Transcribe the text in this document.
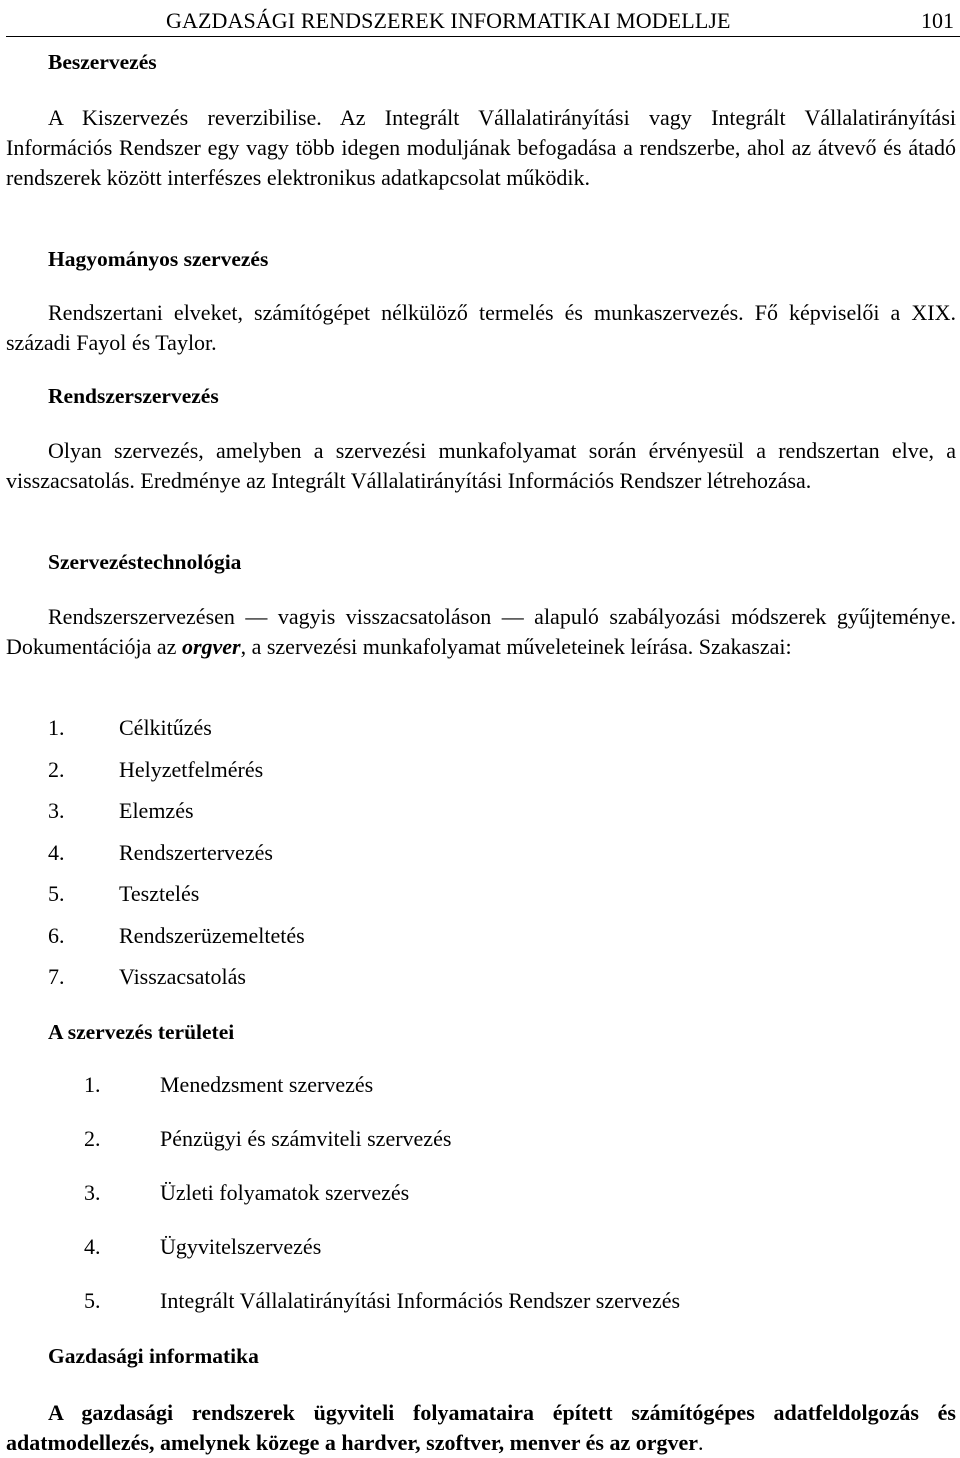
GAZDASÁGI RENDSZEREK INFORMATIKAI MODELLJE	101
Beszervezés
A Kiszervezés reverzibilise. Az Integrált Vállalatirányítási vagy Integrált Vállalatirányítási Információs Rendszer egy vagy több idegen moduljának befogadása a rendszerbe, ahol az átvevő és átadó rendszerek között interfészes elektronikus adatkapcsolat működik.
Hagyományos szervezés
Rendszertani elveket, számítógépet nélkülöző termelés és munkaszervezés. Fő képviselői a XIX. századi Fayol és Taylor.
Rendszerszervezés
Olyan szervezés, amelyben a szervezési munkafolyamat során érvényesül a rendszertan elve, a visszacsatolás. Eredménye az Integrált Vállalatirányítási Információs Rendszer létrehozása.
Szervezéstechnológia
Rendszerszervezésen — vagyis visszacsatoláson — alapuló szabályozási módszerek gyűjteménye. Dokumentációja az orgver, a szervezési munkafolyamat műveleteinek leírása. Szakaszai:
1. Célkitűzés
2. Helyzetfelmérés
3. Elemzés
4. Rendszertervezés
5. Tesztelés
6. Rendszerüzemeltetés
7. Visszacsatolás
A szervezés területei
1.	Menedzsment szervezés
2.	Pénzügyi és számviteli szervezés
3.	Üzleti folyamatok szervezés
4.	Ügyvitelszervezés
5.	Integrált Vállalatirányítási Információs Rendszer szervezés
Gazdasági informatika
A gazdasági rendszerek ügyviteli folyamataira épített számítógépes adatfeldolgozás és adatmodellezés, amelynek közege a hardver, szoftver, menver és az orgver.
